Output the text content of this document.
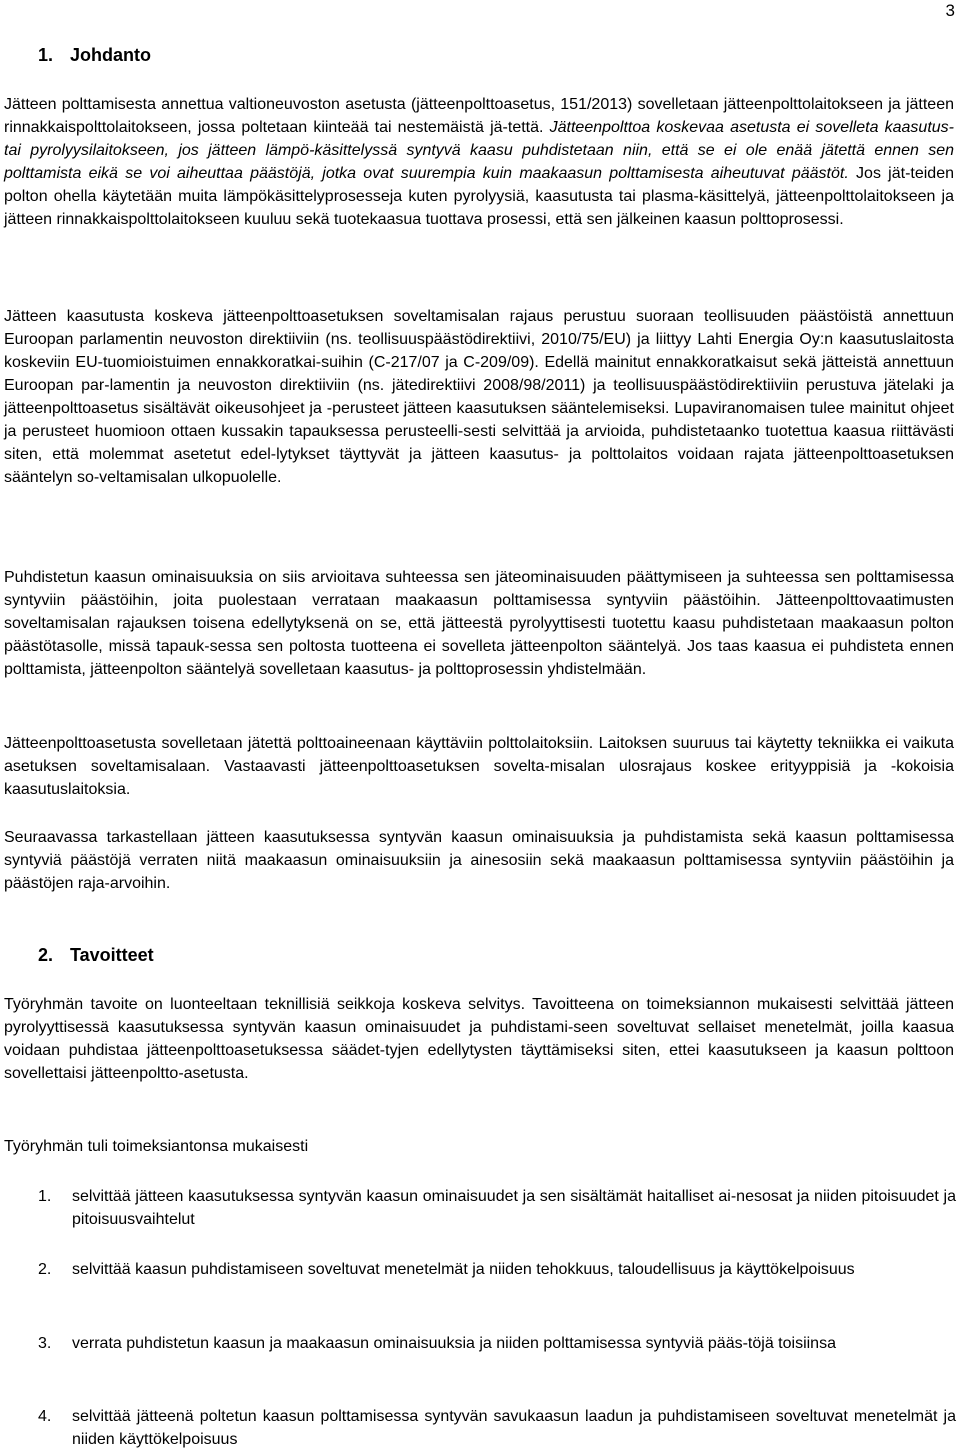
3
1. Johdanto

Jätteen polttamisesta annettua valtioneuvoston asetusta (jätteenpolttoasetus, 151/2013) sovelletaan jätteenpolttolaitokseen ja jätteen rinnakkaispolttolaitokseen, jossa poltetaan kiinteää tai nestemäistä jä-tettä. Jätteenpolttoa koskevaa asetusta ei sovelleta kaasutus- tai pyrolyysilaitokseen, jos jätteen lämpö-käsittelyssä syntyvä kaasu puhdistetaan niin, että se ei ole enää jätettä ennen sen polttamista eikä se voi aiheuttaa päästöjä, jotka ovat suurempia kuin maakaasun polttamisesta aiheutuvat päästöt. Jos jät-teiden polton ohella käytetään muita lämpökäsittelyprosesseja kuten pyrolyysiä, kaasutusta tai plasma-käsittelyä, jätteenpolttolaitokseen ja jätteen rinnakkaispolttolaitokseen kuuluu sekä tuotekaasua tuottava prosessi, että sen jälkeinen kaasun polttoprosessi.

Jätteen kaasutusta koskeva jätteenpolttoasetuksen soveltamisalan rajaus perustuu suoraan teollisuuden päästöistä annettuun Euroopan parlamentin neuvoston direktiiviin (ns. teollisuuspäästödirektiivi, 2010/75/EU) ja liittyy Lahti Energia Oy:n kaasutuslaitosta koskeviin EU-tuomioistuimen ennakkoratkai-suihin (C-217/07 ja C-209/09). Edellä mainitut ennakkoratkaisut sekä jätteistä annettuun Euroopan par-lamentin ja neuvoston direktiiviin (ns. jätedirektiivi 2008/98/2011) ja teollisuuspäästödirektiiviin perustuva jätelaki ja jätteenpolttoasetus sisältävät oikeusohjeet ja -perusteet jätteen kaasutuksen sääntelemiseksi. Lupaviranomaisen tulee mainitut ohjeet ja perusteet huomioon ottaen kussakin tapauksessa perusteelli-sesti selvittää ja arvioida, puhdistetaanko tuotettua kaasua riittävästi siten, että molemmat asetetut edel-lytykset täyttyvät ja jätteen kaasutus- ja polttolaitos voidaan rajata jätteenpolttoasetuksen sääntelyn so-veltamisalan ulkopuolelle.

Puhdistetun kaasun ominaisuuksia on siis arvioitava suhteessa sen jäteominaisuuden päättymiseen ja suhteessa sen polttamisessa syntyviin päästöihin, joita puolestaan verrataan maakaasun polttamisessa syntyviin päästöihin. Jätteenpolttovaatimusten soveltamisalan rajauksen toisena edellytyksenä on se, että jätteestä pyrolyyttisesti tuotettu kaasu puhdistetaan maakaasun polton päästötasolle, missä tapauk-sessa sen poltosta tuotteena ei sovelleta jätteenpolton sääntelyä. Jos taas kaasua ei puhdisteta ennen polttamista, jätteenpolton sääntelyä sovelletaan kaasutus- ja polttoprosessin yhdistelmään.

Jätteenpolttoasetusta sovelletaan jätettä polttoaineenaan käyttäviin polttolaitoksiin. Laitoksen suuruus tai käytetty tekniikka ei vaikuta asetuksen soveltamisalaan. Vastaavasti jätteenpolttoasetuksen sovelta-misalan ulosrajaus koskee erityyppisiä ja -kokoisia kaasutuslaitoksia.

Seuraavassa tarkastellaan jätteen kaasutuksessa syntyvän kaasun ominaisuuksia ja puhdistamista sekä kaasun polttamisessa syntyviä päästöjä verraten niitä maakaasun ominaisuuksiin ja ainesosiin sekä maakaasun polttamisessa syntyviin päästöihin ja päästöjen raja-arvoihin.

2. Tavoitteet

Työryhmän tavoite on luonteeltaan teknillisiä seikkoja koskeva selvitys. Tavoitteena on toimeksiannon mukaisesti selvittää jätteen pyrolyyttisessä kaasutuksessa syntyvän kaasun ominaisuudet ja puhdistami-seen soveltuvat sellaiset menetelmät, joilla kaasua voidaan puhdistaa jätteenpolttoasetuksessa säädet-tyjen edellytysten täyttämiseksi siten, ettei kaasutukseen ja kaasun polttoon sovellettaisi jätteenpoltto-asetusta.

Työryhmän tuli toimeksiantonsa mukaisesti

1. selvittää jätteen kaasutuksessa syntyvän kaasun ominaisuudet ja sen sisältämät haitalliset ai-nesosat ja niiden pitoisuudet ja pitoisuusvaihtelut
2. selvittää kaasun puhdistamiseen soveltuvat menetelmät ja niiden tehokkuus, taloudellisuus ja käyttökelpoisuus
3. verrata puhdistetun kaasun ja maakaasun ominaisuuksia ja niiden polttamisessa syntyviä pääs-töjä toisiinsa
4. selvittää jätteenä poltetun kaasun polttamisessa syntyvän savukaasun laadun ja puhdistamiseen soveltuvat menetelmät ja niiden käyttökelpoisuus
